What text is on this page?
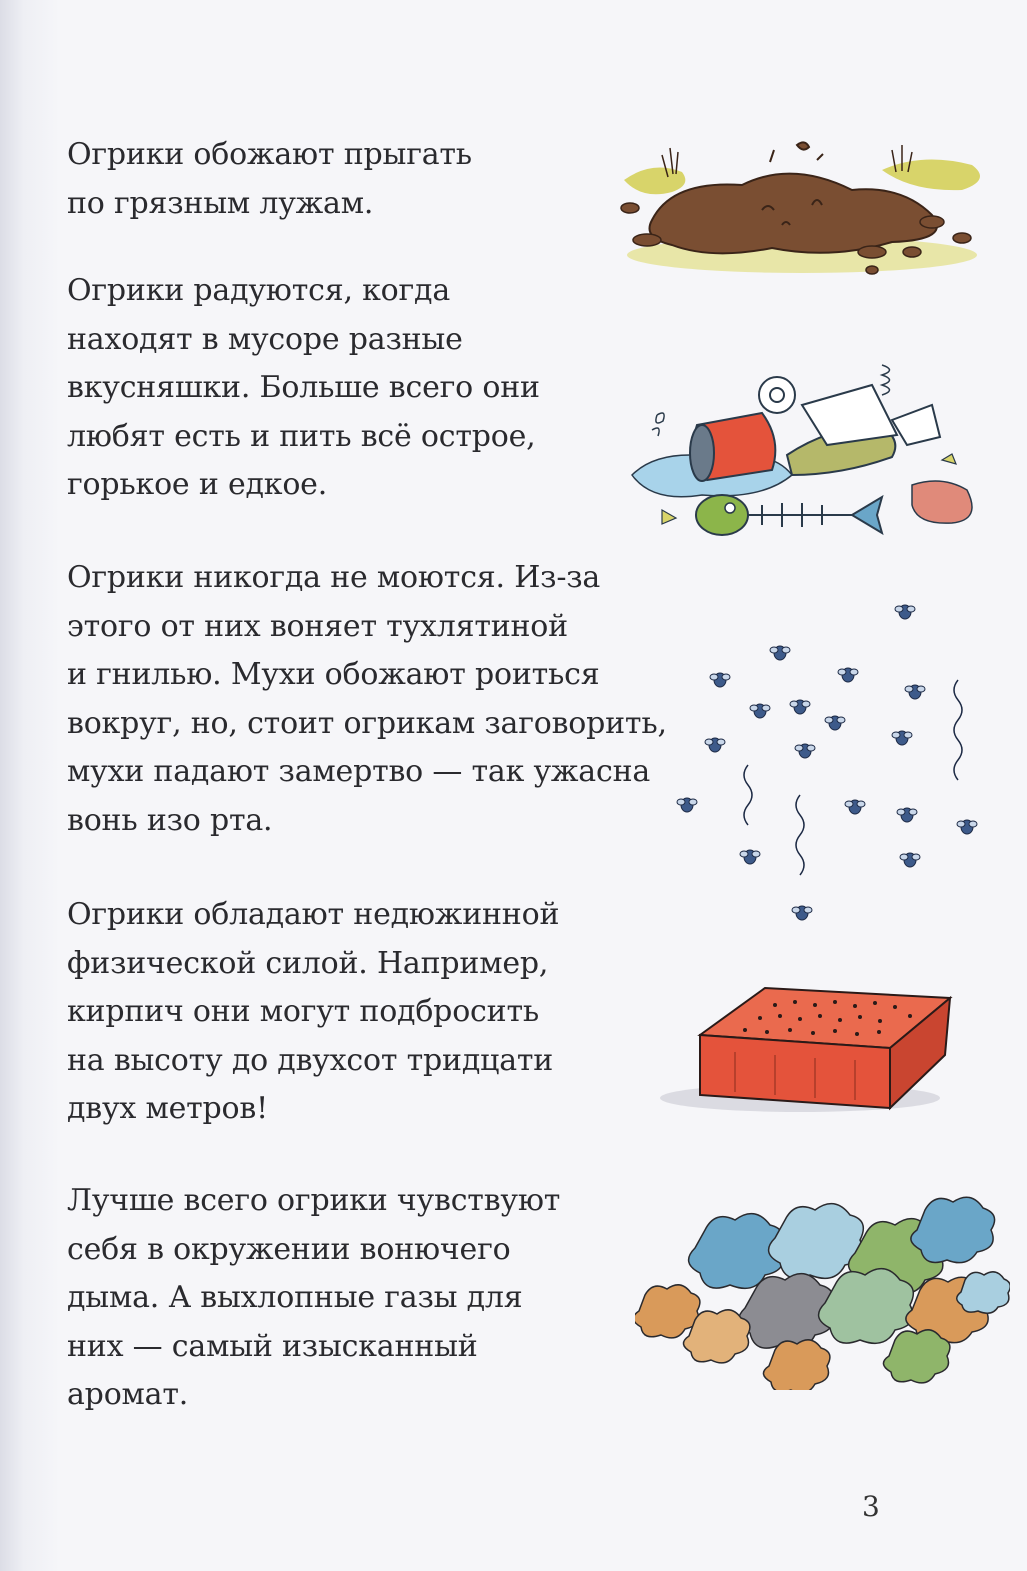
Огрики обожают прыгать
по грязным лужам.
Огрики радуются, когда
находят в мусоре разные
вкусняшки. Больше всего они
любят есть и пить всё острое,
горькое и едкое.
Огрики никогда не моются. Из-за
этого от них воняет тухлятиной
и гнилью. Мухи обожают роиться
вокруг, но, стоит огрикам заговорить,
мухи падают замертво — так ужасна
вонь изо рта.
Огрики обладают недюжинной
физической силой. Например,
кирпич они могут подбросить
на высоту до двухсот тридцати
двух метров!
Лучше всего огрики чувствуют
себя в окружении вонючего
дыма. А выхлопные газы для
них — самый изысканный
аромат.
3
